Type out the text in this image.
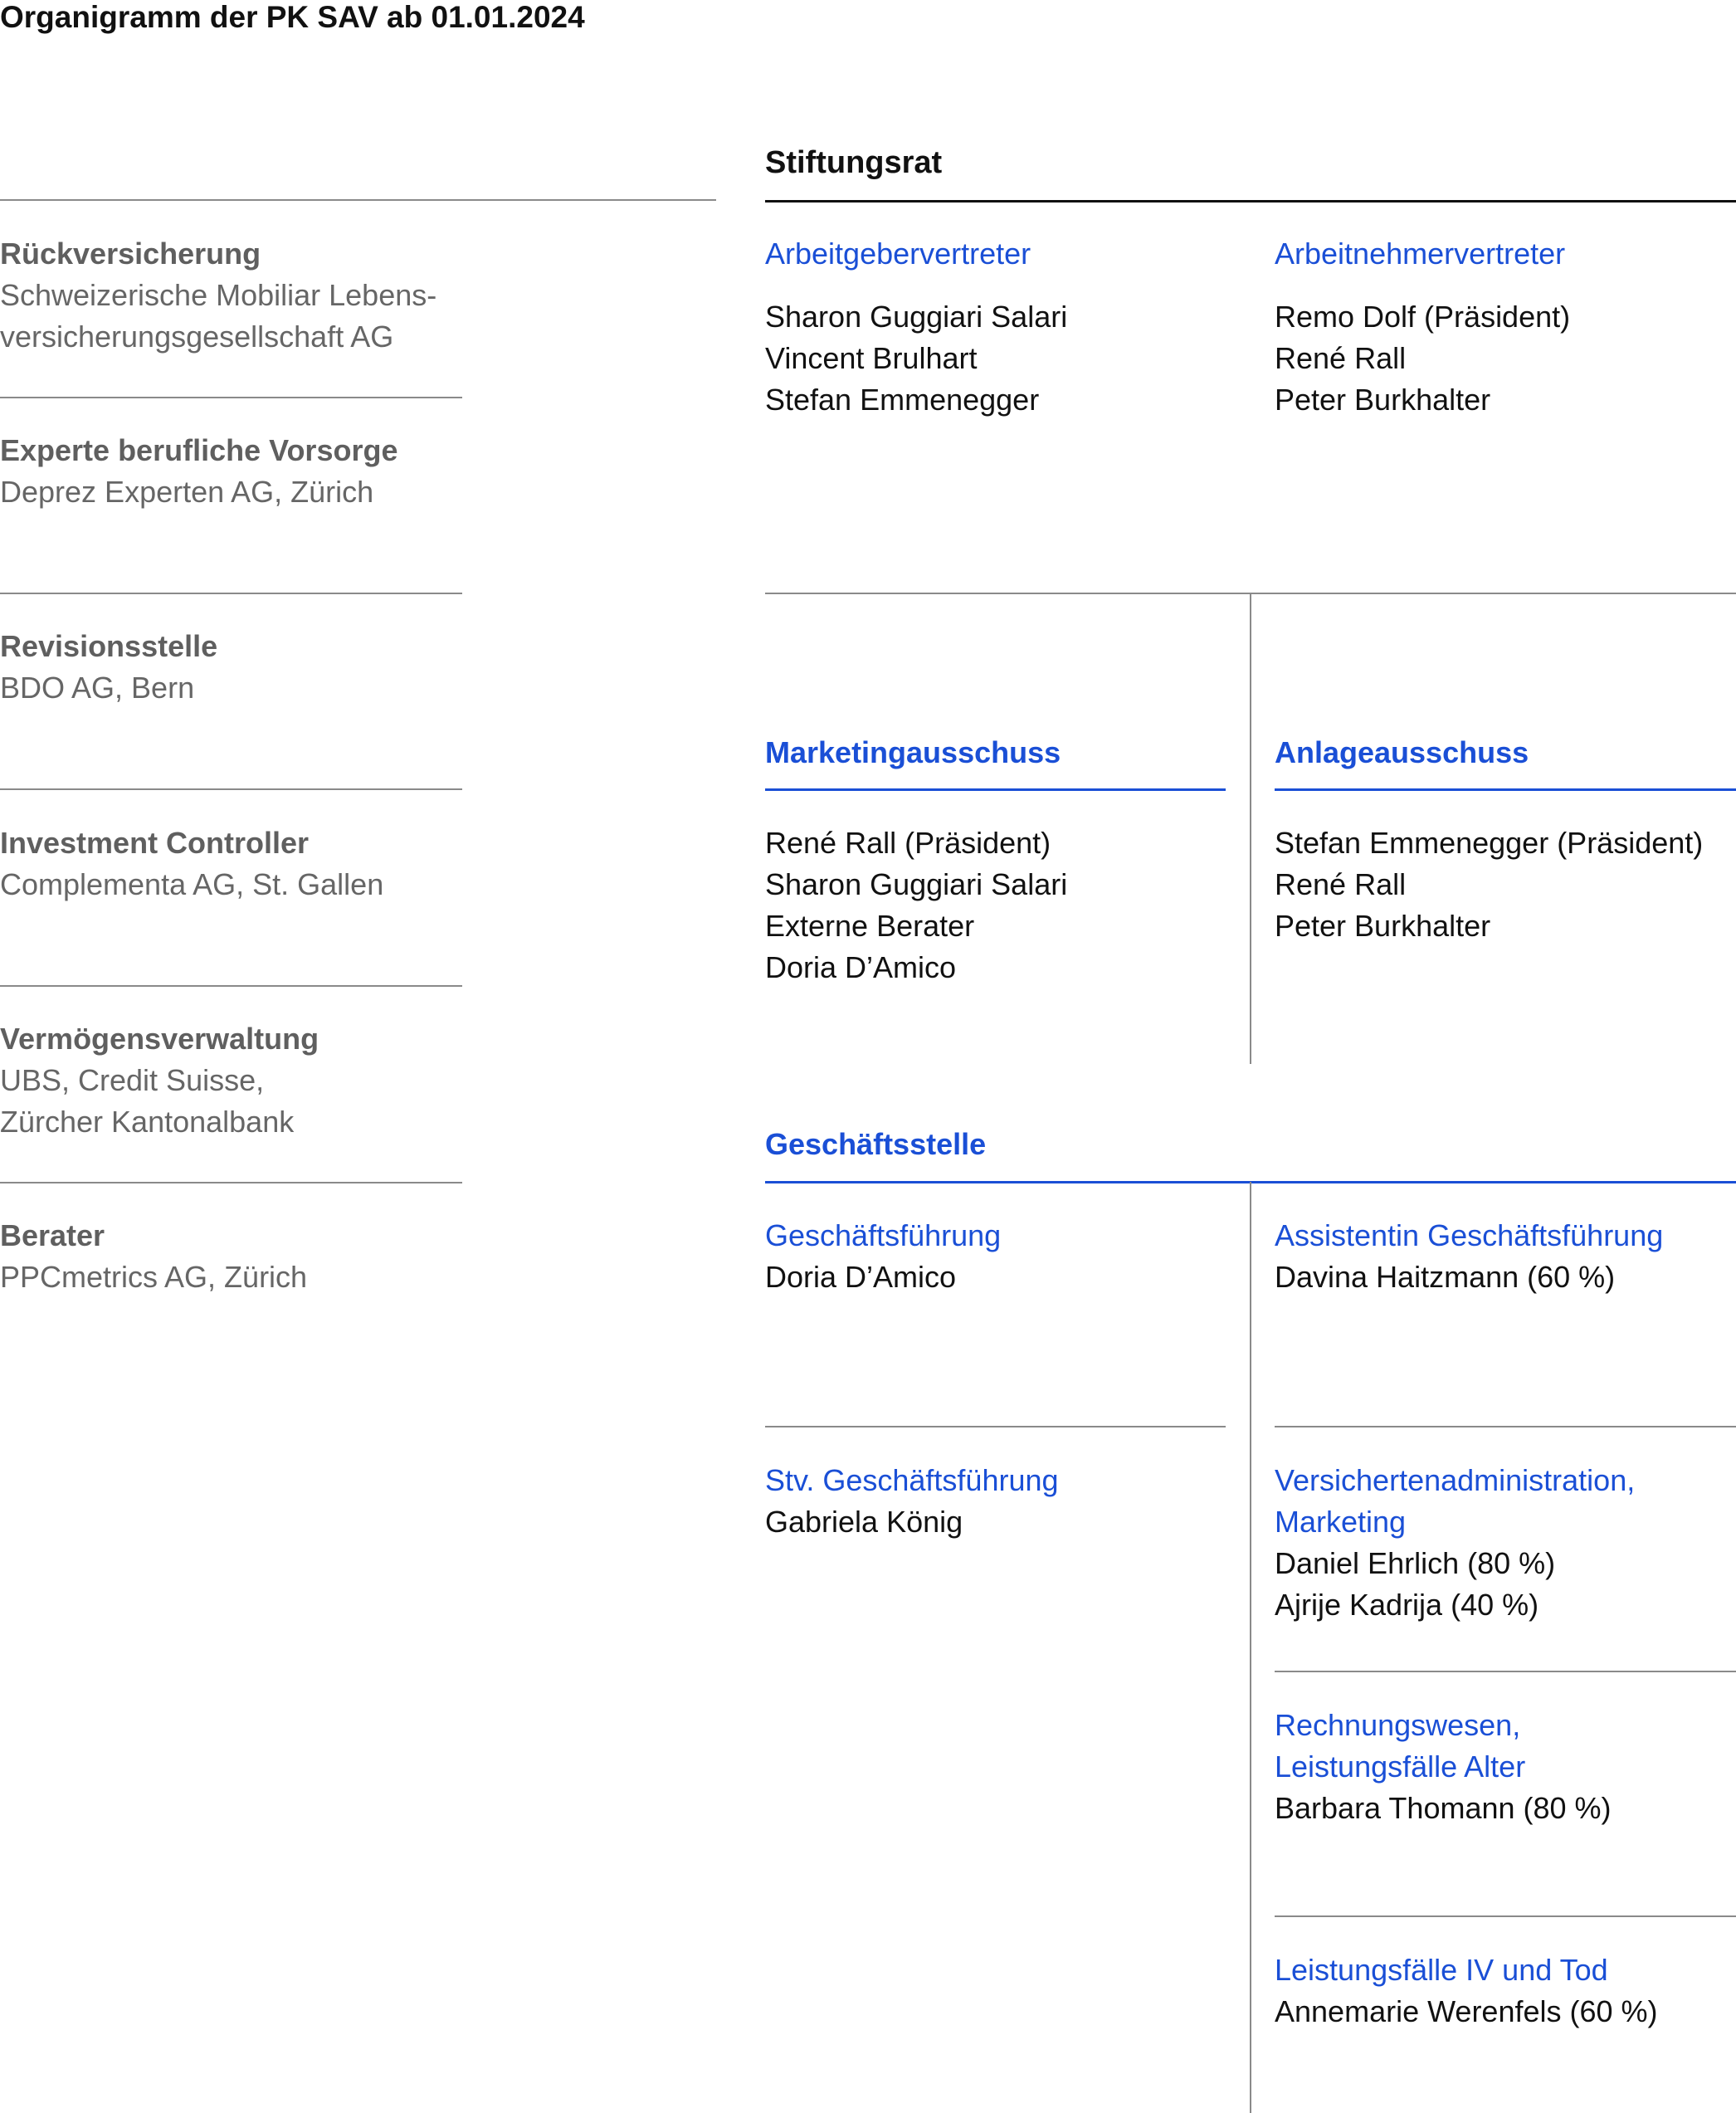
Organigramm der PK SAV ab 01.01.2024
Rückversicherung
Schweizerische Mobiliar Lebens-
versicherungsgesellschaft AG
Experte berufliche Vorsorge
Deprez Experten AG, Zürich
Revisionsstelle
BDO AG, Bern
Investment Controller
Complementa AG, St. Gallen
Vermögensverwaltung
UBS, Credit Suisse,
Zürcher Kantonalbank
Berater
PPCmetrics AG, Zürich
Stiftungsrat
Arbeitgebervertreter
Sharon Guggiari Salari
Vincent Brulhart
Stefan Emmenegger
Arbeitnehmervertreter
Remo Dolf (Präsident)
René Rall
Peter Burkhalter
Marketingausschuss
René Rall (Präsident)
Sharon Guggiari Salari
Externe Berater
Doria D’Amico
Anlageausschuss
Stefan Emmenegger (Präsident)
René Rall
Peter Burkhalter
Geschäftsstelle
Geschäftsführung
Doria D’Amico
Assistentin Geschäftsführung
Davina Haitzmann (60 %)
Stv. Geschäftsführung
Gabriela König
Versichertenadministration,
Marketing
Daniel Ehrlich (80 %)
Ajrije Kadrija (40 %)
Rechnungswesen,
Leistungsfälle Alter
Barbara Thomann (80 %)
Leistungsfälle IV und Tod
Annemarie Werenfels (60 %)
